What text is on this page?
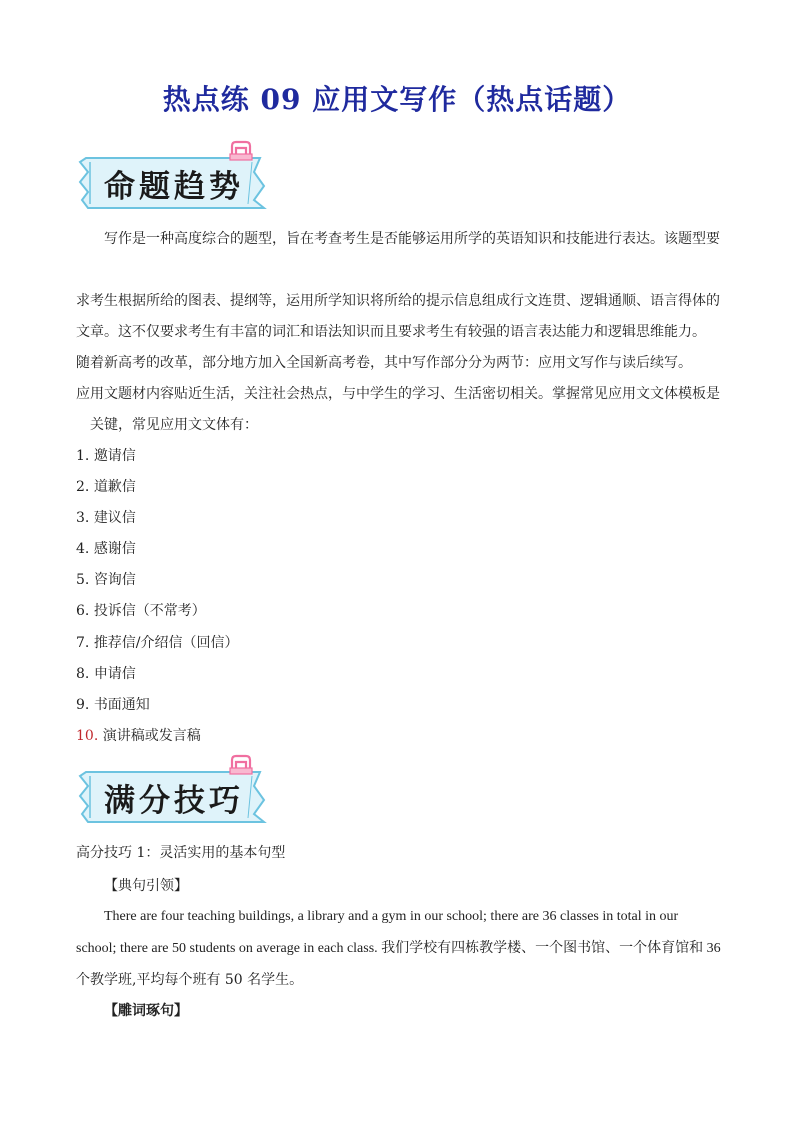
热点练 09 应用文写作（热点话题）
命题趋势
写作是一种高度综合的题型，旨在考查考生是否能够运用所学的英语知识和技能进行表达。该题型要
求考生根据所给的图表、提纲等，运用所学知识将所给的提示信息组成行文连贯、逻辑通顺、语言得体的
文章。这不仅要求考生有丰富的词汇和语法知识而且要求考生有较强的语言表达能力和逻辑思维能力。
随着新高考的改革，部分地方加入全国新高考卷，其中写作部分分为两节：应用文写作与读后续写。
应用文题材内容贴近生活，关注社会热点，与中学生的学习、生活密切相关。掌握常见应用文文体模板是
关键，常见应用文文体有：
1. 邀请信
2. 道歉信
3. 建议信
4. 感谢信
5. 咨询信
6. 投诉信（不常考）
7. 推荐信/介绍信（回信）
8. 申请信
9. 书面通知
10. 演讲稿或发言稿
满分技巧
高分技巧 1：灵活实用的基本句型
【典句引领】
There are four teaching buildings, a library and a gym in our school; there are 36 classes in total in our
school; there are 50 students on average in each class. 我们学校有四栋教学楼、一个图书馆、一个体育馆和 36
个教学班,平均每个班有 50 名学生。
【雕词琢句】
